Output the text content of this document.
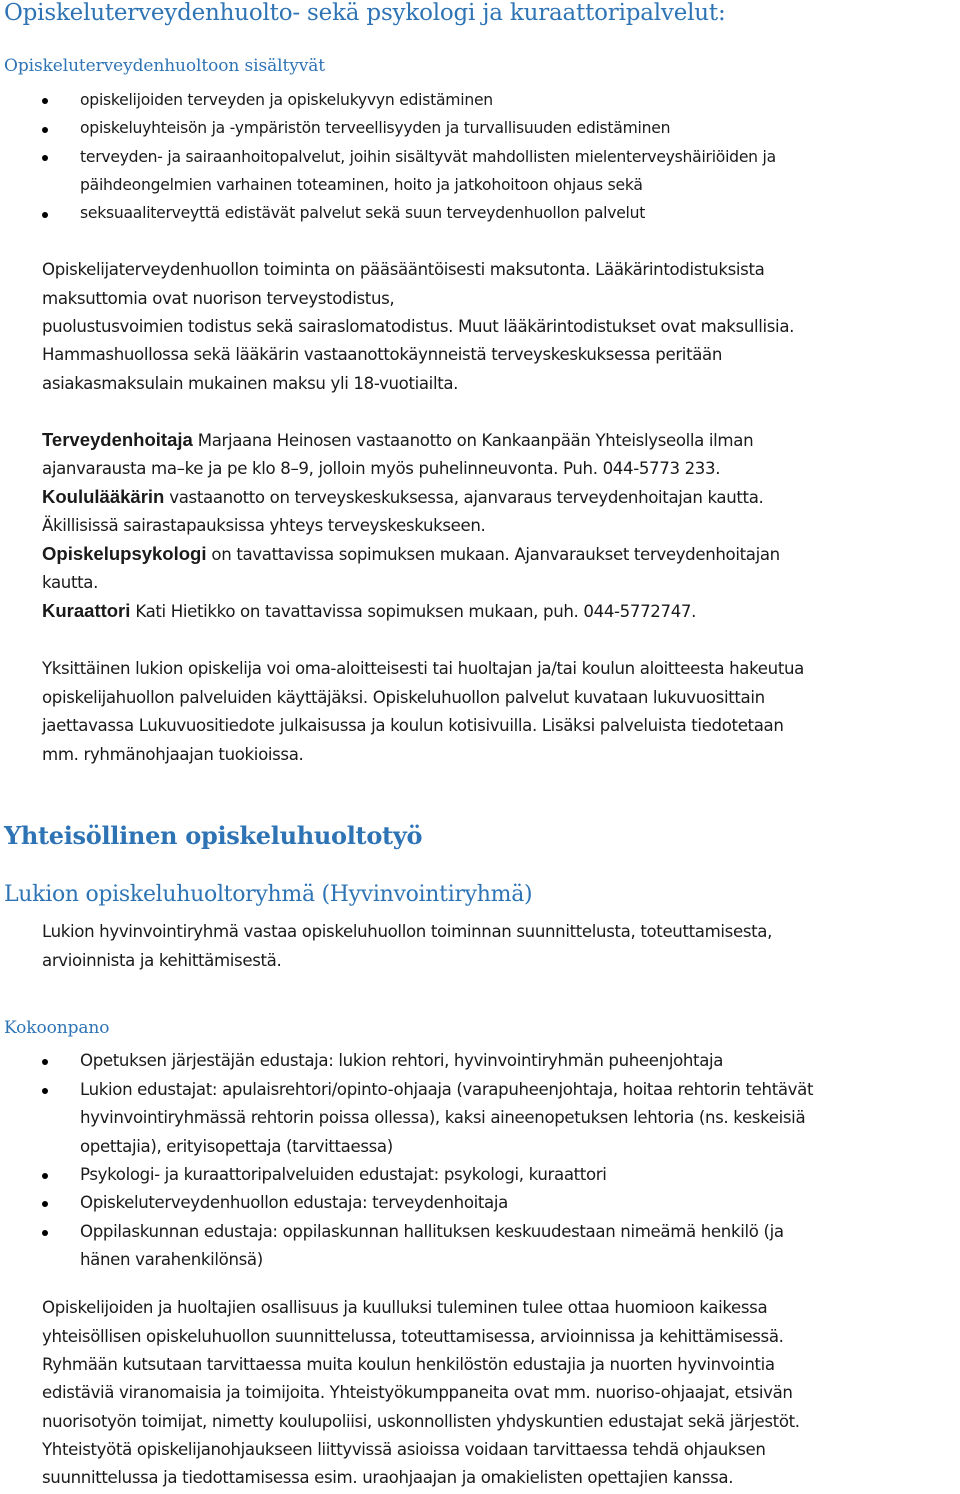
Opiskeluterveydenhuolto- sekä psykologi ja kuraattoripalvelut:
Opiskeluterveydenhuoltoon sisältyvät
opiskelijoiden terveyden ja opiskelukyvyn edistäminen
opiskeluyhteisön ja -ympäristön terveellisyyden ja turvallisuuden edistäminen
terveyden- ja sairaanhoitopalvelut, joihin sisältyvät mahdollisten mielenterveyshäiriöiden ja
päihdeongelmien varhainen toteaminen, hoito ja jatkohoitoon ohjaus sekä
seksuaaliterveyttä edistävät palvelut sekä suun terveydenhuollon palvelut
Opiskelijaterveydenhuollon toiminta on pääsääntöisesti maksutonta. Lääkärintodistuksista
maksuttomia ovat nuorison terveystodistus,
puolustusvoimien todistus sekä sairaslomatodistus. Muut lääkärintodistukset ovat maksullisia.
Hammashuollossa sekä lääkärin vastaanottokäynneistä terveyskeskuksessa peritään
asiakasmaksulain mukainen maksu yli 18-vuotiailta.
Terveydenhoitaja Marjaana Heinosen vastaanotto on Kankaanpään Yhteislyseolla ilman
ajanvarausta ma–ke ja pe klo 8–9, jolloin myös puhelinneuvonta. Puh. 044-5773 233.
Koululääkärin vastaanotto on terveyskeskuksessa, ajanvaraus terveydenhoitajan kautta.
Äkillisissä sairastapauksissa yhteys terveyskeskukseen.
Opiskelupsykologi on tavattavissa sopimuksen mukaan. Ajanvaraukset terveydenhoitajan
kautta.
Kuraattori Kati Hietikko on tavattavissa sopimuksen mukaan, puh. 044-5772747.
Yksittäinen lukion opiskelija voi oma-aloitteisesti tai huoltajan ja/tai koulun aloitteesta hakeutua
opiskelijahuollon palveluiden käyttäjäksi. Opiskeluhuollon palvelut kuvataan lukuvuosittain
jaettavassa Lukuvuositiedote julkaisussa ja koulun kotisivuilla. Lisäksi palveluista tiedotetaan
mm. ryhmänohjaajan tuokioissa.
Yhteisöllinen opiskeluhuoltotyö
Lukion opiskeluhuoltoryhmä (Hyvinvointiryhmä)
Lukion hyvinvointiryhmä vastaa opiskeluhuollon toiminnan suunnittelusta, toteuttamisesta,
arvioinnista ja kehittämisestä.
Kokoonpano
Opetuksen järjestäjän edustaja: lukion rehtori, hyvinvointiryhmän puheenjohtaja
Lukion edustajat: apulaisrehtori/opinto-ohjaaja (varapuheenjohtaja, hoitaa rehtorin tehtävät
hyvinvointiryhmässä rehtorin poissa ollessa), kaksi aineenopetuksen lehtoria (ns. keskeisiä
opettajia), erityisopettaja (tarvittaessa)
Psykologi- ja kuraattoripalveluiden edustajat: psykologi, kuraattori
Opiskeluterveydenhuollon edustaja: terveydenhoitaja
Oppilaskunnan edustaja: oppilaskunnan hallituksen keskuudestaan nimeämä henkilö (ja
hänen varahenkilönsä)
Opiskelijoiden ja huoltajien osallisuus ja kuulluksi tuleminen tulee ottaa huomioon kaikessa
yhteisöllisen opiskeluhuollon suunnittelussa, toteuttamisessa, arvioinnissa ja kehittämisessä.
Ryhmään kutsutaan tarvittaessa muita koulun henkilöstön edustajia ja nuorten hyvinvointia
edistäviä viranomaisia ja toimijoita. Yhteistyökumppaneita ovat mm. nuoriso-ohjaajat, etsivän
nuorisotyön toimijat, nimetty koulupoliisi, uskonnollisten yhdyskuntien edustajat sekä järjestöt.
Yhteistyötä opiskelijanohjaukseen liittyvissä asioissa voidaan tarvittaessa tehdä ohjauksen
suunnittelussa ja tiedottamisessa esim. uraohjaajan ja omakielisten opettajien kanssa.
